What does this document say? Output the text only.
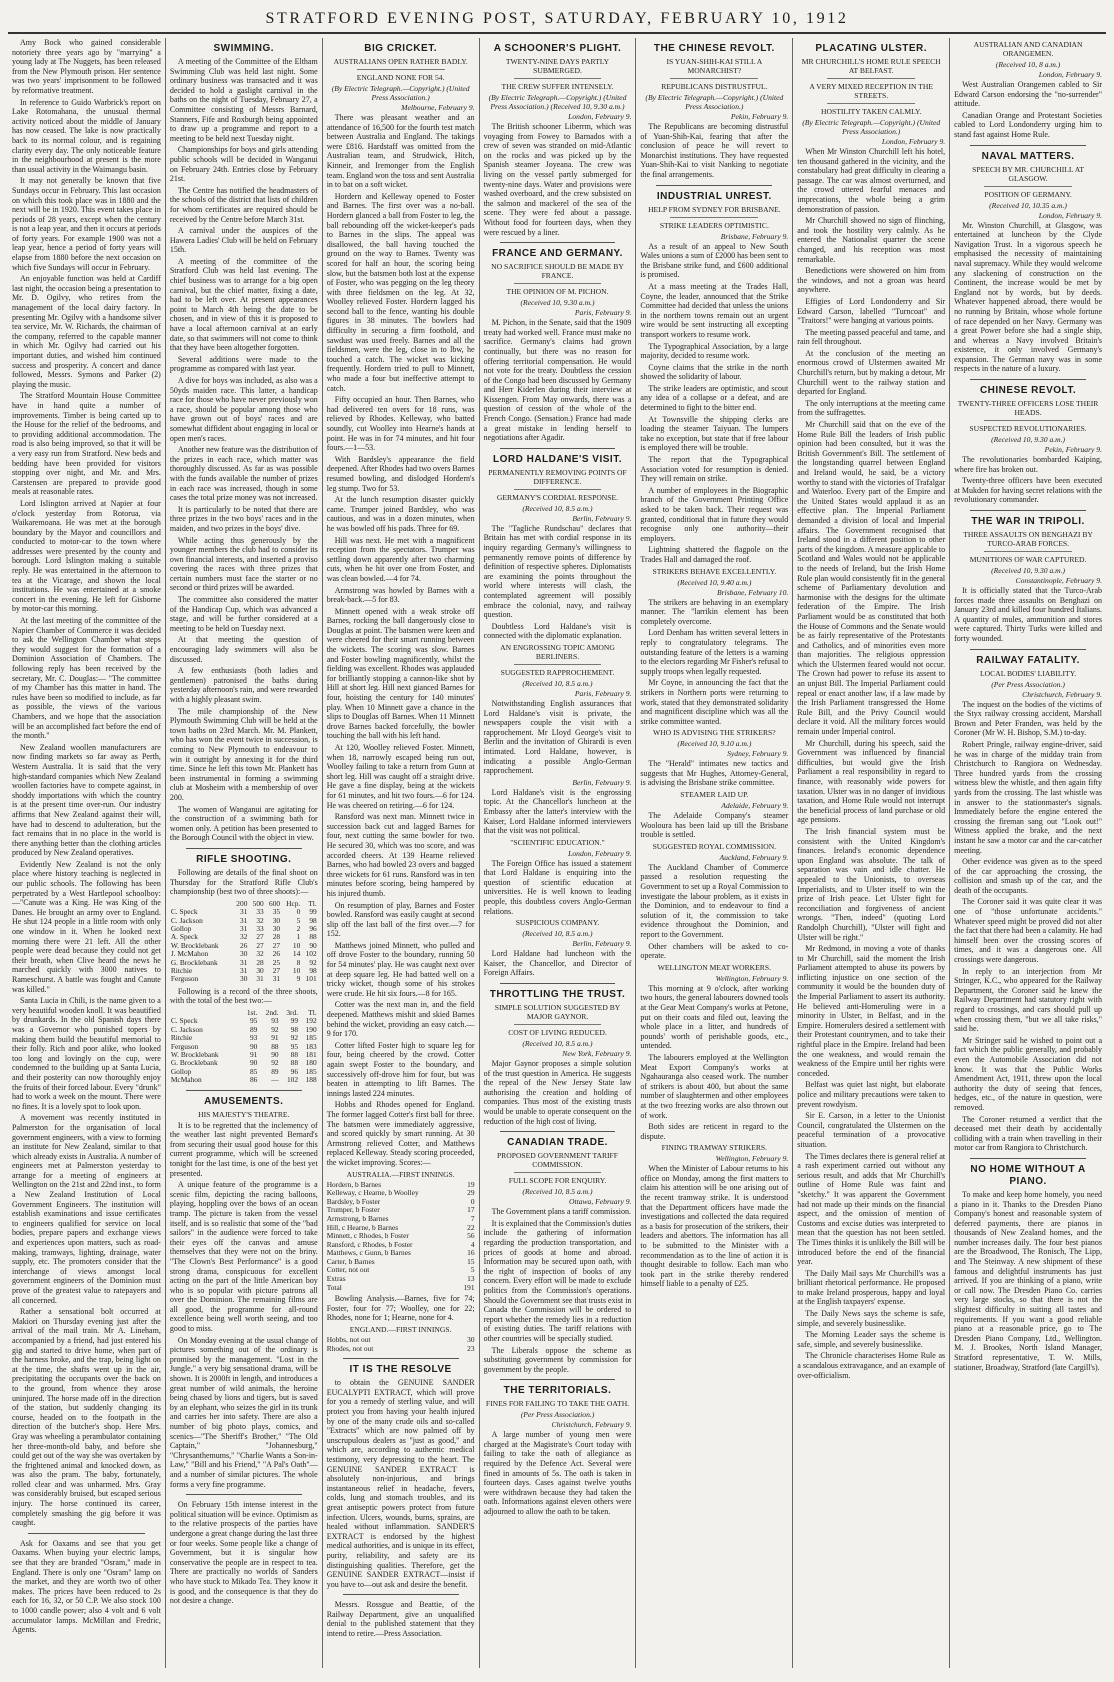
STRATFORD EVENING POST, SATURDAY, FEBRUARY 10, 1912

Amy Bock who gained considerable notoriety three years ago by "marrying" a young lady at The Nuggets, has been released from the New Plymouth prison. Her sentence was two years' imprisonment to be followed by reformative treatment.

In reference to Guido Warbrick's report on Lake Rotomahana, the unusual thermal activity noticed about the middle of January has now ceased. The lake is now practically back to its normal colour, and is regaining clarity every day. The only noticeable feature in the neighbourhood at present is the more than usual activity in the Waimangu basin.

It may not generally be known that five Sundays occur in February. This last occasion on which this took place was in 1880 and the next will be in 1920. This event takes place in periods of 28 years, except when the century is not a leap year, and then it occurs at periods of forty years. For example 1900 was not a leap year, hence a period of forty years will elapse from 1880 before the next occasion on which five Sundays will occur in February.

An enjoyable function was held at Cardiff last night, the occasion being a presentation to Mr. D. Ogilvy, who retires from the management of the local dairy factory. In presenting Mr. Ogilvy with a handsome silver tea service, Mr. W. Richards, the chairman of the company, referred to the capable manner in which Mr. Ogilvy had carried out his important duties, and wished him continued success and prosperity. A concert and dance followed, Messrs. Symons and Parker (2) playing the music.

The Stratford Mountain House Committee have in hand quite a number of improvements. Timber is being carted up to the House for the relief of the bedrooms, and to providing additional accommodation. The road is also being improved, so that it will be a very easy run from Stratford. New beds and bedding have been provided for visitors stopping over night, and Mr. and Mrs. Carstensen are prepared to provide good meals at reasonable rates.

Lord Islington arrived at Napier at four o'clock yesterday from Rotorua, via Waikaremoana. He was met at the borough boundary by the Mayor and councillors and conducted to motor-car to the town where addresses were presented by the county and borough. Lord Islington making a suitable reply. He was entertained in the afternoon to tea at the Vicarage, and shown the local institutions. He was entertained at a smoke concert in the evening. He left for Gisborne by motor-car this morning.

At the last meeting of the committee of the Napier Chamber of Commerce it was decided to ask the Wellington Chamber what steps they would suggest for the formation of a Dominion Association of Chambers. The following reply has been received by the secretary, Mr. C. Douglas:— "The committee of my Chamber has this matter in hand. The rules have been so modified to include, as far as possible, the views of the various Chambers, and we hope that the association will be an accomplished fact before the end of the month."

New Zealand woollen manufacturers are now finding markets so far away as Perth, Western Australia. It is said that the very high-standard companies which New Zealand woollen factories have to compete against, in shoddy importations with which the country is at the present time over-run. Our industry affirms that New Zealand against their will, have had to descend to adulteration, but the fact remains that in no place in the world is there anything better than the clothing articles produced by New Zealand operatives.

Evidently New Zealand is not the only place where history teaching is neglected in our public schools. The following has been perpetrated by a West Hartlepool schoolboy:—"Canute was a King. He was King of the Danes. He brought an army over to England. He shut 124 people in a little room with only one window in it. When he looked next morning there were 21 left. All the other people were dead because they could not get their breath, when Clive heard the news he marched quickly with 3000 natives to Rameschurst. A battle was fought and Canute was killed."

Santa Lucia in Chili, is the name given to a very beautiful wooden knoll. It was beautified by drunkards. In the old Spanish days there was a Governor who punished topers by making them build the beautiful memorial to their folly. Rich and poor alike, who looked too long and lovingly on the cup, were condemned to the building up at Santa Lucia, and their posterity can now thoroughly enjoy the fruits of their forced labour. Every "drunk" had to work a week on the mount. There were no fines. It is a lovely spot to look upon.

A movement was recently instituted in Palmerston for the organisation of local government engineers, with a view to forming an institute for New Zealand, similar to that which already exists in Australia. A number of engineers met at Palmerston yesterday to arrange for a meeting of engineers at Wellington on the 21st and 22nd inst., to form a New Zealand Institution of Local Government Engineers. The institution will establish examinations and issue certificates to engineers qualified for service on local bodies, prepare papers and exchange views and experiences upon matters, such as road-making, tramways, lighting, drainage, water supply, etc. The promoters consider that the interchange of views amongst local government engineers of the Dominion must prove of the greatest value to ratepayers and all concerned.

Rather a sensational bolt occurred at Makiori on Thursday evening just after the arrival of the mail train. Mr A. Lineham, accompanied by a friend, had just entered his gig and started to drive home, when part of the harness broke, and the trap, being light on at the time, the shafts went up in the air, precipitating the occupants over the back on to the ground, from whence they arose uninjured. The horse made off in the direction of the station, but suddenly changing its course, headed on to the footpath in the direction of the butcher's shop. Here Mrs. Gray was wheeling a perambulator containing her three-month-old baby, and before she could get out of the way she was overtaken by the frightened animal and knocked down, as was also the pram. The baby, fortunately, rolled clear and was unharmed. Mrs. Gray was considerably bruised, but escaped serious injury. The horse continued its career, completely smashing the gig before it was caught.

Ask for Oaxams and see that you get Oaxams. When buying your electric lamps, see that they are branded "Osram," made in England. There is only one "Osram" lamp on the market, and they are worth two of other makes. The prices have been reduced to 2s each for 16, 32, or 50 C.P. We also stock 100 to 1000 candle power; also 4 volt and 6 volt accumulator lamps. McMillan and Fredric, Agents.

SWIMMING.

A meeting of the Committee of the Eltham Swimming Club was held last night. Some ordinary business was transacted and it was decided to hold a gaslight carnival in the baths on the night of Tuesday, February 27, a Committee consisting of Messrs Barnard, Stanners, Fife and Roxburgh being appointed to draw up a programme and report to a meeting to be held next Tuesday night.

Championships for boys and girls attending public schools will be decided in Wanganui on February 24th. Entries close by February 21st.

The Centre has notified the headmasters of the schools of the district that lists of children for whom certificates are required should be received by the Centre before March 31st.

A carnival under the auspices of the Hawera Ladies' Club will be held on February 15th.

A meeting of the committee of the Stratford Club was held last evening. The chief business was to arrange for a big open carnival, but the chief matter, fixing a date, had to be left over. At present appearances point to March 4th being the date to be chosen, and in view of this it is proposed to have a local afternoon carnival at an early date, so that swimmers will not come to think that they have been altogether forgotten.

Several additions were made to the programme as compared with last year.

A dive for boys was included, as also was a 50yds maiden race. This latter, a handicap race for those who have never previously won a race, should be popular among those who have grown out of boys' races and are somewhat diffident about engaging in local or open men's races.

Another new feature was the distribution of the prizes in each race, which matter was thoroughly discussed. As far as was possible with the funds available the number of prizes in each race was increased, though in some cases the total prize money was not increased.

It is particularly to be noted that there are three prizes in the two boys' races and in the maiden, and two prizes in the boys' dive.

While acting thus generously by the younger members the club had to consider its own financial interests, and inserted a proviso covering the races with three prizes that certain numbers must face the starter or no second or third prizes will be awarded.

The committee also considered the matter of the Handicap Cup, which was advanced a stage, and will be further considered at a meeting to be held on Tuesday next.

At that meeting the question of encouraging lady swimmers will also be discussed.

A few enthusiasts (both ladies and gentlemen) patronised the baths during yesterday afternoon's rain, and were rewarded with a highly pleasant swim.

The mile championship of the New Plymouth Swimming Club will be held at the town baths on 23rd March. Mr. M. Plankett, who has won the event twice in succession, is coming to New Plymouth to endeavour to win it outright by annexing it for the third time. Since he left this town Mr. Plankett has been instrumental in forming a swimming club at Mosheim with a membership of over 200.

The women of Wanganui are agitating for the construction of a swimming bath for women only. A petition has been presented to the Borough Council with the object in view.

RIFLE SHOOTING.

Following are details of the final shoot on Thursday for the Stratford Rifle Club's championship (best two of three shoots):—

	200	500	600	Hcp.	Tl.
C. Speck	31	33	35	0	99
C. Jackson	31	32	30	5	98
Gollop	31	33	30	2	96
A. Speck	32	27	28	1	88
W. Brocklebank	26	27	27	10	90
J. McMahon	30	32	26	14	102
G. Brocklebank	31	28	25	8	92
Ritchie	31	30	27	10	98
Ferguson	30	31	31	9	101

Following is a record of the three shoots, with the total of the best two:—

	1st.	2nd.	3rd.	Tl.
C. Speck	95	93	99	192
C. Jackson	89	92	98	190
Ritchie	93	91	92	185
Ferguson	90	88	95	183
W. Brocklebank	91	90	88	181
G. Brocklebank	90	92	88	180
Gollop	85	89	96	185
McMahon	86	—	102	188
AMUSEMENTS.
HIS MAJESTY'S THEATRE.

It is to be regretted that the inclemency of the weather last night prevented Bernard's from securing their usual good house for this current programme, which will be screened tonight for the last time, is one of the best yet presented.

A unique feature of the programme is a scenic film, depicting the racing balloons, playing, hoppling over the bows of an ocean tramp. The picture is taken from the vessel itself, and is so realistic that some of the "bad sailors" in the audience were forced to take their eyes off the canvas and amuse themselves that they were not on the briny. "The Clown's Best Performance" is a good strong drama, conspicuous for excellent acting on the part of the little American boy who is so popular with picture patrons all over the Dominion. The remaining films are all good, the programme for all-round excellence being well worth seeing, and too good to miss.

On Monday evening at the usual change of pictures something out of the ordinary is promised by the management. "Lost in the Jungle," a very big sensational drama, will be shown. It is 2000ft in length, and introduces a great number of wild animals, the heroine being chased by lions and tigers, but is saved by an elephant, who seizes the girl in its trunk and carries her into safety. There are also a number of big photo plays, comics, and scenics—"The Sheriff's Brother," "The Old Captain," "Johannesburg," "Chrysanthemums," "Charlie Wants a Son-in-Law," "Bill and his Friend," "A Pal's Oath"—and a number of similar pictures. The whole forms a very fine programme.

On February 15th intense interest in the political situation will be evince. Optimism as to the relative prospects of the parties have undergone a great change during the last three or four weeks. Some people like a change of Government, but it is singular how conservative the people are in respect to tea. There are practically no worlds of Sanders who have stuck to Mikado Tea. They know it is good, and the consequence is that they do not desire a change.

BIG CRICKET.
AUSTRALIANS OPEN RATHER BADLY.
ENGLAND NONE FOR 54.
(By Electric Telegraph.—Copyright.) (United Press Association.)
Melbourne, February 9.

There was pleasant weather and an attendance of 16,500 for the fourth test match between Australia and England. The takings were £816. Hardstaff was omitted from the Australian team, and Strudwick, Hitch, Kinneir, and Iremonger from the English team. England won the toss and sent Australia in to bat on a soft wicket.

Hordern and Kelleway opened to Foster and Barnes. The first over was a no-ball. Hordern glanced a ball from Foster to leg, the ball rebounding off the wicket-keeper's pads to Barnes in the slips. The appeal was disallowed, the ball having touched the ground on the way to Barnes. Twenty was scored for half an hour, the scoring being slow, but the batsmen both lost at the expense of Foster, who was pegging on the leg theory with three fieldsmen on the leg. At 32, Woolley relieved Foster. Hordern lagged his second ball to the fence, wanting his double figures in 38 minutes. The bowlers had difficulty in securing a firm foothold, and sawdust was used freely. Barnes and all the fieldsmen, were the leg, close in to lbw, he touched a catch. The wicket was kicking frequently. Hordern tried to pull to Minnett, who made a four but ineffective attempt to catch.

Fifty occupied an hour. Then Barnes, who had delivered ten overs for 18 runs, was relieved by Rhodes. Kelleway, who batted soundly, cut Woolley into Hearne's hands at point. He was in for 74 minutes, and hit four fours.—1—53.

With Bardsley's appearance the field deepened. After Rhodes had two overs Barnes resumed bowling, and dislodged Hordern's leg stump. Two for 53.

At the lunch resumption disaster quickly came. Trumper joined Bardsley, who was cautious, and was in a dozen minutes, when he was bowled off his pads. Three for 69.

Hill was next. He met with a magnificent reception from the spectators. Trumper was settling down apparently after two charming cuts, when he hit over one from Foster, and was clean bowled.—4 for 74.

Armstrong was howled by Barnes with a break-back.—5 for 83.

Minnett opened with a weak stroke off Barnes, rocking the ball dangerously close to Douglas at point. The batsmen were keen and were cheered for their smart running between the wickets. The scoring was slow. Barnes and Foster bowling magnificently, whilst the fielding was excellent. Rhodes was applauded for brilliantly stopping a cannon-like shot by Hill at short leg. Hill next gianced Barnes for four, hoisting the century for 140 minutes' play. When 10 Minnett gave a chance in the slips to Douglas off Barnes. When 11 Minnett drove Barnes backed forcefully, the bowler touching the ball with his left hand.

At 120, Woolley relieved Foster. Minnett, when 18, narrowly escaped being run out, Woolley failing to take a return from Gunn at short leg. Hill was caught off a straight drive. He gave a fine display, being at the wickets for 61 minutes, and hit two fours.—6 for 124. He was cheered on retiring.—6 for 124.

Ransford was next man. Minnett twice in succession back cut and lagged Barnes for four, next cutting the same bowler for two. He secured 30, which was too score, and was accorded cheers. At 139 Hearne relieved Barnes, who had bowled 23 overs and bagged three wickets for 61 runs. Ransford was in ten minutes before scoring, being hampered by his injured thumb.

On resumption of play, Barnes and Foster bowled. Ransford was easily caught at second slip off the last ball of the first over.—7 for 152.

Matthews joined Minnett, who pulled and off drove Foster to the boundary, running 50 for 54 minutes' play. He was caught next over at deep square leg. He had batted well on a tricky wicket, though some of his strokes were crude. He hit six fours.—8 for 165.

Cotter was the next man in, and the field deepened. Matthews mishit and skied Barnes behind the wicket, providing an easy catch.—9 for 170.

Cotter lifted Foster high to square leg for four, being cheered by the crowd. Cotter again swept Foster to the boundary, and successively off-drove him for four, but was beaten in attempting to lift Barnes. The innings lasted 224 minutes.

Hobbs and Rhodes opened for England. The former lagged Cotter's first ball for three. The batsmen were immediately aggressive, and scored quickly by smart running. At 30 Armstrong relieved Cotter, and Matthews replaced Kelleway. Steady scoring proceeded, the wicket improving. Scores:—

AUSTRALIA.—FIRST INNINGS.
Hordern, b Barnes	19
Kelleway, c Hearne, b Woolley	29
Bardsley, b Foster	0
Trumper, b Foster	17
Armstrong, b Barnes	7
Hill, c Hearne, b Barnes	22
Minnett, c Rhodes, b Foster	56
Ransford, c Rhodes, b Foster	4
Matthews, c Gunn, b Barnes	16
Carter, b Barnes	15
Cotter, not out	5
Extras	13
Total	191

Bowling Analysis.—Barnes, five for 74; Foster, four for 77; Woolley, one for 22; Rhodes, none for 1; Hearne, none for 4.

ENGLAND.—FIRST INNINGS.
Hobbs, not out	30
Rhodes, not out	23
IT IS THE RESOLVE

to obtain the GENUINE SANDER EUCALYPTI EXTRACT, which will prove for you a remedy of sterling value, and will protect you from having your health injured by one of the many crude oils and so-called "Extracts" which are now palmed off by unscrupulous dealers as "just as good," and which are, according to authentic medical testimony, very depressing to the heart. The GENUINE SANDER EXTRACT is absolutely non-injurious, and brings instantaneous relief in headache, fevers, colds, lung and stomach troubles, and its great antiseptic powers protect from future infection. Ulcers, wounds, burns, sprains, are healed without inflammation. SANDER'S EXTRACT is endorsed by the highest medical authorities, and is unique in its effect, purity, reliability, and safety are its distinguishing qualities. Therefore, get the GENUINE SANDER EXTRACT—insist if you have to—out ask and desire the benefit.

Messrs. Rossgue and Beattie, of the Railway Department, give an unqualified denial to the published statement that they intend to retire.—Press Association.

A SCHOONER'S PLIGHT.
TWENTY-NINE DAYS PARTLY SUBMERGED.
THE CREW SUFFER INTENSELY.
(By Electric Telegraph.—Copyright.) (United Press Association.) (Received 10, 9.30 a.m.)
London, February 9.

The British schooner Liberrm, which was voyaging from Fowey to Barnados with a crew of seven was stranded on mid-Atlantic on the rocks and was picked up by the Spanish steamer Joyeana. The crew was living on the vessel partly submerged for twenty-nine days. Water and provisions were washed overboard, and the crew subsisted on the salmon and mackerel of the sea of the scene. They were fed about a passage. Without food for fourteen days, when they were rescued by a liner.

FRANCE AND GERMANY.
NO SACRIFICE SHOULD BE MADE BY FRANCE.
THE OPINION OF M. PICHON.
(Received 10, 9.30 a.m.)
Paris, February 9.

M. Pichon, in the Senate, said that the 1909 treaty had worked well. France must make no sacrifice. Germany's claims had grown continually, but there was no reason for offering territorial compensation. He would not vote for the treaty. Doubtless the cession of the Congo had been discussed by Germany and Herr Kiderlen during their interview at Kissengen. From May onwards, there was a question of cession of the whole of the French Congo. (Sensation.) France had made a great mistake in lending herself to negotiations after Agadir.

LORD HALDANE'S VISIT.
PERMANENTLY REMOVING POINTS OF DIFFERENCE.
GERMANY'S CORDIAL RESPONSE.
(Received 10, 8.5 a.m.)
Berlin, February 9.

The "Tagliche Rundschau" declares that Britain has met with cordial response in its inquiry regarding Germany's willingness to permanently remove points of difference by definition of respective spheres. Diplomatists are examining the points throughout the world where interests will clash, the contemplated agreement will possibly embrace the colonial, navy, and railway question.

Doubtless Lord Haldane's visit is connected with the diplomatic explanation.

AN ENGROSSING TOPIC AMONG BERLINERS.
SUGGESTED RAPPROCHEMENT.
(Received 10, 8.5 a.m.)
Paris, February 9.

Notwithstanding English assurances that Lord Haldane's visit is private, the newspapers couple the visit with a rapprochement. Mr Lloyd George's visit to Berlin and the invitation of Ghirardi is even intimated. Lord Haldane, however, is indicating a possible Anglo-German rapprochement.

Berlin, February 9.

Lord Haldane's visit is the engrossing topic. At the Chancellor's luncheon at the Embassy after the latter's interview with the Kaiser, Lord Haldane informed interviewers that the visit was not political.

"SCIENTIFIC EDUCATION."
London, February 9.

The Foreign Office has issued a statement that Lord Haldane is enquiring into the question of scientific education at universities. He is well known to leading people, this doubtless covers Anglo-German relations.

SUSPICIOUS COMPANY.
(Received 10, 8.5 a.m.)
Berlin, February 9.

Lord Haldane had luncheon with the Kaiser, the Chancellor, and Director of Foreign Affairs.

THROTTLING THE TRUST.
SIMPLE SOLUTION SUGGESTED BY MAJOR GAYNOR.
COST OF LIVING REDUCED.
(Received 10, 8.5 a.m.)
New York, February 9.

Major Gaynor proposes a simple solution of the trust question in America. He suggests the repeal of the New Jersey State law authorising the creation and holding of companies. Thus most of the existing trusts would be unable to operate consequent on the reduction of the high cost of living.

CANADIAN TRADE.
PROPOSED GOVERNMENT TARIFF COMMISSION.
FULL SCOPE FOR ENQUIRY.
(Received 10, 8.5 a.m.)
Ottawa, February 9.

The Government plans a tariff commission.

It is explained that the Commission's duties include the gathering of information regarding the production transportation, and prices of goods at home and abroad. Information may be secured upon oath, with the right of inspection of books of any concern. Every effort will be made to exclude politics from the Commission's operations. Should the Government see that trusts exist in Canada the Commission will be ordered to report whether the remedy lies in a reduction of existing duties. The tariff relations with other countries will be specially studied.

The Liberals oppose the scheme as substituting government by commission for government by the people.

THE TERRITORIALS.
FINES FOR FAILING TO TAKE THE OATH.
(Per Press Association.)
Christchurch, February 9.

A large number of young men were charged at the Magistrate's Court today with failing to take the oath of allegiance as required by the Defence Act. Several were fined in amounts of 5s. The oath is taken in fourteen days. Cases against twelve youths were withdrawn because they had taken the oath. Informations against eleven others were adjourned to allow the oath to be taken.

THE CHINESE REVOLT.
IS YUAN-SHIH-KAI STILL A MONARCHIST?
REPUBLICANS DISTRUSTFUL.
(By Electric Telegraph.—Copyright.) (United Press Association.)
Pekin, February 9.

The Republicans are becoming distrustful of Yuan-Shih-Kai, fearing that after the conclusion of peace he will revert to Monarchist institutions. They have requested Yuan-Shih-Kai to visit Nanking to negotiate the final arrangements.

INDUSTRIAL UNREST.
HELP FROM SYDNEY FOR BRISBANE.
STRIKE LEADERS OPTIMISTIC.
Brisbane, February 9.

As a result of an appeal to New South Wales unions a sum of £2000 has been sent to the Brisbane strike fund, and £600 additional is promised.

At a mass meeting at the Trades Hall, Coyne, the leader, announced that the Strike Committee had decided that unless the unions in the northern towns remain out an urgent wire would be sent instructing all excepting transport workers to resume work.

The Typographical Association, by a large majority, decided to resume work.

Coyne claims that the strike in the north showed the solidarity of labour.

The strike leaders are optimistic, and scout any idea of a collapse or a defeat, and are determined to fight to the bitter end.

At Townsville the shipping clerks are loading the steamer Taiyuan. The lumpers take no exception, but state that if free labour is employed there will be trouble.

The report that the Typographical Association voted for resumption is denied. They will remain on strike.

A number of employees in the Biographic branch of the Government Printing Office asked to be taken back. Their request was granted, conditional that in future they would recognise only one authority—their employers.

Lightning shattered the flagpole on the Trades Hall and damaged the roof.

STRIKERS BEHAVE EXCELLENTLY.
(Received 10, 9.40 a.m.)
Brisbane, February 10.

The strikers are behaving in an exemplary manner. The "larrikin element has been completely overcome.

Lord Denham has written several letters in reply to congratulatory telegrams. The outstanding feature of the letters is a warning to the electors regarding Mr Fisher's refusal to supply troops when legally requested.

Mr Coyne, in announcing the fact that the strikers in Northern ports were returning to work, stated that they demonstrated solidarity and magnificent discipline which was all the strike committee wanted.

WHO IS ADVISING THE STRIKERS?
(Received 10, 9.10 a.m.)
Sydney, February 9.

The "Herald" intimates new tactics and suggests that Mr Hughes, Attorney-General, is advising the Brisbane strike committee.

STEAMER LAID UP.
Adelaide, February 9.

The Adelaide Company's steamer Wooloura has been laid up till the Brisbane trouble is settled.

SUGGESTED ROYAL COMMISSION.
Auckland, February 9.

The Auckland Chamber of Commerce passed a resolution requesting the Government to set up a Royal Commission to investigate the labour problem, as it exists in the Dominion, and to endeavour to find a solution of it, the commission to take evidence throughout the Dominion, and report to the Government.

Other chambers will be asked to co-operate.

WELLINGTON MEAT WORKERS.
Wellington, February 9.

This morning at 9 o'clock, after working two hours, the general labourers downed tools at the Gear Meat Company's works at Petone, put on their coats and filed out, leaving the whole place in a litter, and hundreds of pounds' worth of perishable goods, etc., untended.

The labourers employed at the Wellington Meat Export Company's works at Ngahauranga also ceased work. The number of strikers is about 400, but about the same number of slaughtermen and other employees at the two freezing works are also thrown out of work.

Both sides are reticent in regard to the dispute.

FINING TRAMWAY STRIKERS.
Wellington, February 9.

When the Minister of Labour returns to his office on Monday, among the first matters to claim his attention will be one arising out of the recent tramway strike. It is understood that the Department officers have made the investigations and collected the data required as a basis for prosecution of the strikers, their leaders and abettors. The information has all to be submitted to the Minister with a recommendation as to the line of action it is thought desirable to follow. Each man who took part in the strike thereby rendered himself liable to a penalty of £25.

PLACATING ULSTER.
MR CHURCHILL'S HOME RULE SPEECH AT BELFAST.
A VERY MIXED RECEPTION IN THE STREETS.
HOSTILITY TAKEN CALMLY.
(By Electric Telegraph.—Copyright.) (United Press Association.)
London, February 9.

When Mr Winston Churchill left his hotel, ten thousand gathered in the vicinity, and the constabulary had great difficulty in clearing a passage. The car was almost overturned, and the crowd uttered fearful menaces and imprecations, the whole being a grim demonstration of passion.

Mr Churchill showed no sign of flinching, and took the hostility very calmly. As he entered the Nationalist quarter the scene changed, and his reception was most remarkable.

Benedictions were showered on him from the windows, and not a groan was heard anywhere.

Effigies of Lord Londonderry and Sir Edward Carson, labelled "Turncoat" and "Traitors!" were hanging at various points.

The meeting passed peaceful and tame, and rain fell throughout.

At the conclusion of the meeting an enormous crowd of Ulstermen awaited Mr Churchill's return, but by making a detour, Mr Churchill went to the railway station and departed for England.

The only interruptions at the meeting came from the suffragettes.

Mr Churchill said that on the eve of the Home Rule Bill the leaders of Irish public opinion had been consulted, but it was the British Government's Bill. The settlement of the longstanding quarrel between England and Ireland would, he said, be a victory worthy to stand with the victories of Trafalgar and Waterloo. Every part of the Empire and the United States would applaud it as an effective plan. The Imperial Parliament demanded a division of local and Imperial affairs. The Government recognised that Ireland stood in a different position to other parts of the kingdom. A measure applicable to Scotland and Wales would not be applicable to the needs of Ireland, but the Irish Home Rule plan would consistently fit in the general scheme of Parliamentary devolution and harmonise with the designs for the ultimate federation of the Empire. The Irish Parliament would be as constituted that both the House of Commons and the Senate would be as fairly representative of the Protestants and Catholics, and of minorities even more than majorities. The religious oppression which the Ulstermen feared would not occur. The Crown had power to refuse its assent to an unjust Bill. The Imperial Parliament could repeal or enact another law, if a law made by the Irish Parliament transgressed the Home Rule Bill, and the Privy Council would declare it void. All the military forces would remain under Imperial control.

Mr Churchill, during his speech, said the Government was influenced by financial difficulties, but would give the Irish Parliament a real responsibility in regard to finance, with reasonably wide powers for taxation. Ulster was in no danger of invidious taxation, and Home Rule would not interrupt the beneficial process of land purchase or old age pensions.

The Irish financial system must be consistent with the United Kingdom's finances. Ireland's economic dependence upon England was absolute. The talk of separation was vain and idle chatter. He appealed to the Unionists, to overseas Imperialists, and to Ulster itself to win the prize of Irish peace. Let Ulster fight for reconciliation and forgiveness of ancient wrongs. "Then, indeed" (quoting Lord Randolph Churchill), "Ulster will fight and Ulster will be right."

Mr Redmond, in moving a vote of thanks to Mr Churchill, said the moment the Irish Parliament attempted to abuse its powers by inflicting injustice on one section of the community it would be the bounden duty of the Imperial Parliament to assert its authority. He believed anti-Homeruling were in a minority in Ulster, in Belfast, and in the Empire. Homerulers desired a settlement with their Protestant countrymen, and to take their rightful place in the Empire. Ireland had been the one weakness, and would remain the weakness of the Empire until her rights were conceded.

Belfast was quiet last night, but elaborate police and military precautions were taken to prevent rowdyism.

Sir E. Carson, in a letter to the Unionist Council, congratulated the Ulstermen on the peaceful termination of a provocative situation.

The Times declares there is general relief at a rash experiment carried out without any serious result, and adds that Mr Churchill's outline of Home Rule was faint and "sketchy." It was apparent the Government had not made up their minds on the financial aspect, and the omission of mention of Customs and excise duties was interpreted to mean that the question has not been settled. The Times thinks it is unlikely the Bill will be introduced before the end of the financial year.

The Daily Mail says Mr Churchill's was a brilliant rhetorical performance. He proposed to make Ireland prosperous, happy and loyal at the English taxpayers' expense.

The Daily News says the scheme is safe, simple, and severely businesslike.

The Morning Leader says the scheme is safe, simple, and severely businesslike.

The Chronicle characterises Home Rule as a scandalous extravagance, and an example of over-officialism.

AUSTRALIAN AND CANADIAN ORANGEMEN.
(Received 10, 8 a.m.)
London, February 9.

West Australian Orangemen cabled to Sir Edward Carson endorsing the "no-surrender" attitude.

Canadian Orange and Protestant Societies cabled to Lord Londonderry urging him to stand fast against Home Rule.

NAVAL MATTERS.
SPEECH BY MR. CHURCHILL AT GLASGOW.
POSITION OF GERMANY.
(Received 10, 10.35 a.m.)
London, February 9.

Mr. Winston Churchill, at Glasgow, was entertained at luncheon by the Clyde Navigation Trust. In a vigorous speech he emphasised the necessity of maintaining naval supremacy. While they would welcome any slackening of construction on the Continent, the increase would be met by England not by words, but by deeds. Whatever happened abroad, there would be no running by Britain, whose whole fortune of race depended on her Navy. Germany was a great Power before she had a single ship, and whereas a Navy involved Britain's existence, it only involved Germany's expansion. The German navy was in some respects in the nature of a luxury.

CHINESE REVOLT.
TWENTY-THREE OFFICERS LOSE THEIR HEADS.
SUSPECTED REVOLUTIONARIES.
(Received 10, 9.30 a.m.)
Pekin, February 9.

The revolutionaries bombarded Kaiping, where fire has broken out.

Twenty-three officers have been executed at Mukden for having secret relations with the revolutionary commander.

THE WAR IN TRIPOLI.
THREE ASSAULTS ON BENGHAZI BY TURCO-ARAB FORCES.
MUNITIONS OF WAR CAPTURED.
(Received 10, 9.30 a.m.)
Constantinople, February 9.

It is officially stated that the Turco-Arab forces made three assaults on Benghazi on January 23rd and killed four hundred Italians. A quantity of mules, ammunition and stores were captured. Thirty Turks were killed and forty wounded.

RAILWAY FATALITY.
LOCAL BODIES' LIABILITY.
(Per Press Association.)
Christchurch, February 9.

The inquest on the bodies of the victims of the Styx railway crossing accident, Marshall Brown and Peter Franden, was held by the Coroner (Mr W. H. Bishop, S.M.) to-day.

Robert Pringle, railway engine-driver, said he was in charge of the midday train from Christchurch to Rangiora on Wednesday. Three hundred yards from the crossing witness blew the whistle, and then again fifty yards from the crossing. The last whistle was in answer to the stationmaster's signals. Immediately before the engine entered the crossing the fireman sang out "Look out!" Witness applied the brake, and the next instant he saw a motor car and the car-catcher meeting.

Other evidence was given as to the speed of the car approaching the crossing, the collision and smash up of the car, and the death of the occupants.

The Coroner said it was quite clear it was one of "those unfortunate accidents." Whatever speed might be proved did not alter the fact that there had been a calamity. He had himself been over the crossing scores of times, and it was a dangerous one. All crossings were dangerous.

In reply to an interjection from Mr Stringer, K.C., who appeared for the Railway Department, the Coroner said he knew the Railway Department had statutory right with regard to crossings, and cars should pull up when crossing them, "but we all take risks," said he.

Mr Stringer said he wished to point out a fact which the public generally, and probably even the Automobile Association did not know. It was that the Public Works Amendment Act, 1911, threw upon the local authority the duty of seeing that fences, hedges, etc., of the nature in question, were removed.

The Coroner returned a verdict that the deceased met their death by accidentally colliding with a train when travelling in their motor car from Rangiora to Christchurch.

NO HOME WITHOUT A PIANO.

To make and keep home homely, you need a piano in it. Thanks to the Dresden Piano Company's honest and reasonable system of deferred payments, there are pianos in thousands of New Zealand homes, and the number increases daily. The four best pianos are the Broadwood, The Ronisch, The Lipp, and The Steinway. A new shipment of these famous and delightful instruments has just arrived. If you are thinking of a piano, write or call now. The Dresden Piano Co. carries very large stocks, so that there is not the slightest difficulty in suiting all tastes and requirements. If you want a good reliable piano at a reasonable price, go to The Dresden Piano Company, Ltd., Wellington. M. J. Brookes, North Island Manager, Stratford representative, T. W. Mills, stationer, Broadway, Stratford (late Cargill's).
